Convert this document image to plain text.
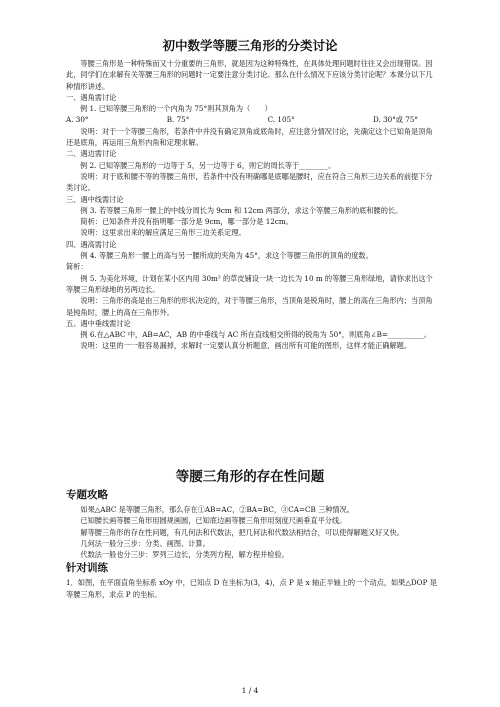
初中数学等腰三角形的分类讨论

等腰三角形是一种特殊而又十分重要的三角形，就是因为这种特殊性，在具体处理问题时往往又会出现错误。因此，同学们在求解有关等腰三角形的问题时一定要注意分类讨论。那么在什么情况下应该分类讨论呢？本课分以下几种情形讲述。

一、遇角需讨论

例 1. 已知等腰三角形的一个内角为 75°则其顶角为（　　）

A. 30°	B. 75°	C. 105°	D. 30°或 75°

说明：对于一个等腰三角形，若条件中并没有确定顶角或底角时，应注意分情况讨论，先确定这个已知角是顶角还是底角，再运用三角形内角和定理求解。

二、遇边需讨论

例 2. 已知等腰三角形的一边等于 5，另一边等于 6，则它的周长等于________。

说明：对于底和腰不等的等腰三角形，若条件中没有明确哪是底哪是腰时，应在符合三角形三边关系的前提下分类讨论。

三、遇中线需讨论

例 3. 若等腰三角形一腰上的中线分周长为 9cm 和 12cm 两部分，求这个等腰三角形的底和腰的长。

简析：已知条件并没有指明哪一部分是 9cm，哪一部分是 12cm。

说明：这里求出来的解应满足三角形三边关系定理。

四、遇高需讨论

例 4. 等腰三角形一腰上的高与另一腰所成的夹角为 45°，求这个等腰三角形的顶角的度数。

简析：

例 5. 为美化环境，计划在某小区内用 30m² 的草皮铺设一块一边长为 10 m 的等腰三角形绿地，请你求出这个等腰三角形绿地的另两边长。

说明：三角形的高是由三角形的形状决定的，对于等腰三角形，当顶角是锐角时，腰上的高在三角形内；当顶角是钝角时，腰上的高在三角形外。

五、遇中垂线需讨论

例 6.在△ABC 中，AB=AC，AB 的中垂线与 AC 所在直线相交所得的锐角为 50°，则底角∠B=__________。

说明：这里的一一般容易漏掉，求解时一定要认真分析题意，画出所有可能的图形，这样才能正确解题。

等腰三角形的存在性问题

专题攻略

如果△ABC 是等腰三角形，那么存在①AB=AC，②BA=BC，③CA=CB 三种情况。

已知腰长画等腰三角形用圆规画圆，已知底边画等腰三角形用刻度尺画垂直平分线。

解等腰三角形的存在性问题，有几何法和代数法，把几何法和代数法相结合，可以使得解题又好又快。

几何法一般分三步：分类、画图、计算。

代数法一般也分三步：罗列三边长，分类列方程，解方程并检验。

针对训练

1．如图，在平面直角坐标系 xOy 中，已知点 D 在坐标为(3，4)，点 P 是 x 轴正半轴上的一个动点，如果△DOP 是等腰三角形，求点 P 的坐标。

1 / 4
